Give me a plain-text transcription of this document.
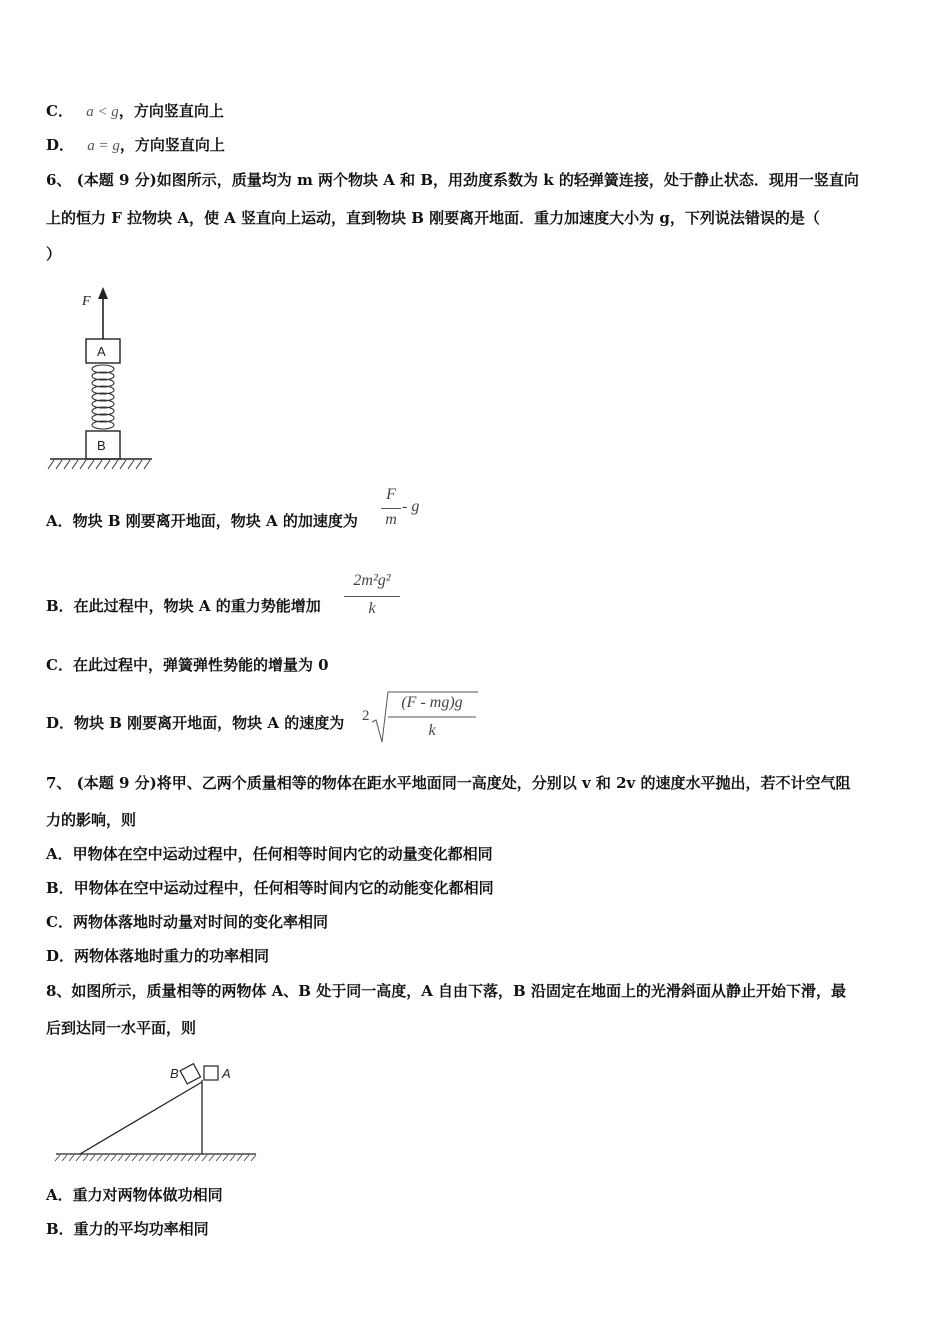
C． a < g，方向竖直向上
D． a = g，方向竖直向上
6、 (本题 9 分)如图所示，质量均为 m 两个物块 A 和 B，用劲度系数为 k 的轻弹簧连接，处于静止状态．现用一竖直向
上的恒力 F 拉物块 A，使 A 竖直向上运动，直到物块 B 刚要离开地面．重力加速度大小为 g，下列说法错误的是（
）
F
A
B
A．物块 B 刚要离开地面，物块 A 的加速度为
F
m
- g
B．在此过程中，物块 A 的重力势能增加
2m²g²
k
C．在此过程中，弹簧弹性势能的增量为 0
D．物块 B 刚要离开地面，物块 A 的速度为 2
(F - mg)g
k
7、 (本题 9 分)将甲、乙两个质量相等的物体在距水平地面同一高度处，分别以 v 和 2v 的速度水平抛出，若不计空气阻
力的影响，则
A．甲物体在空中运动过程中，任何相等时间内它的动量变化都相同
B．甲物体在空中运动过程中，任何相等时间内它的动能变化都相同
C．两物体落地时动量对时间的变化率相同
D．两物体落地时重力的功率相同
8、如图所示，质量相等的两物体 A、B 处于同一高度，A 自由下落，B 沿固定在地面上的光滑斜面从静止开始下滑，最
后到达同一水平面，则
B	A
A．重力对两物体做功相同
B．重力的平均功率相同
